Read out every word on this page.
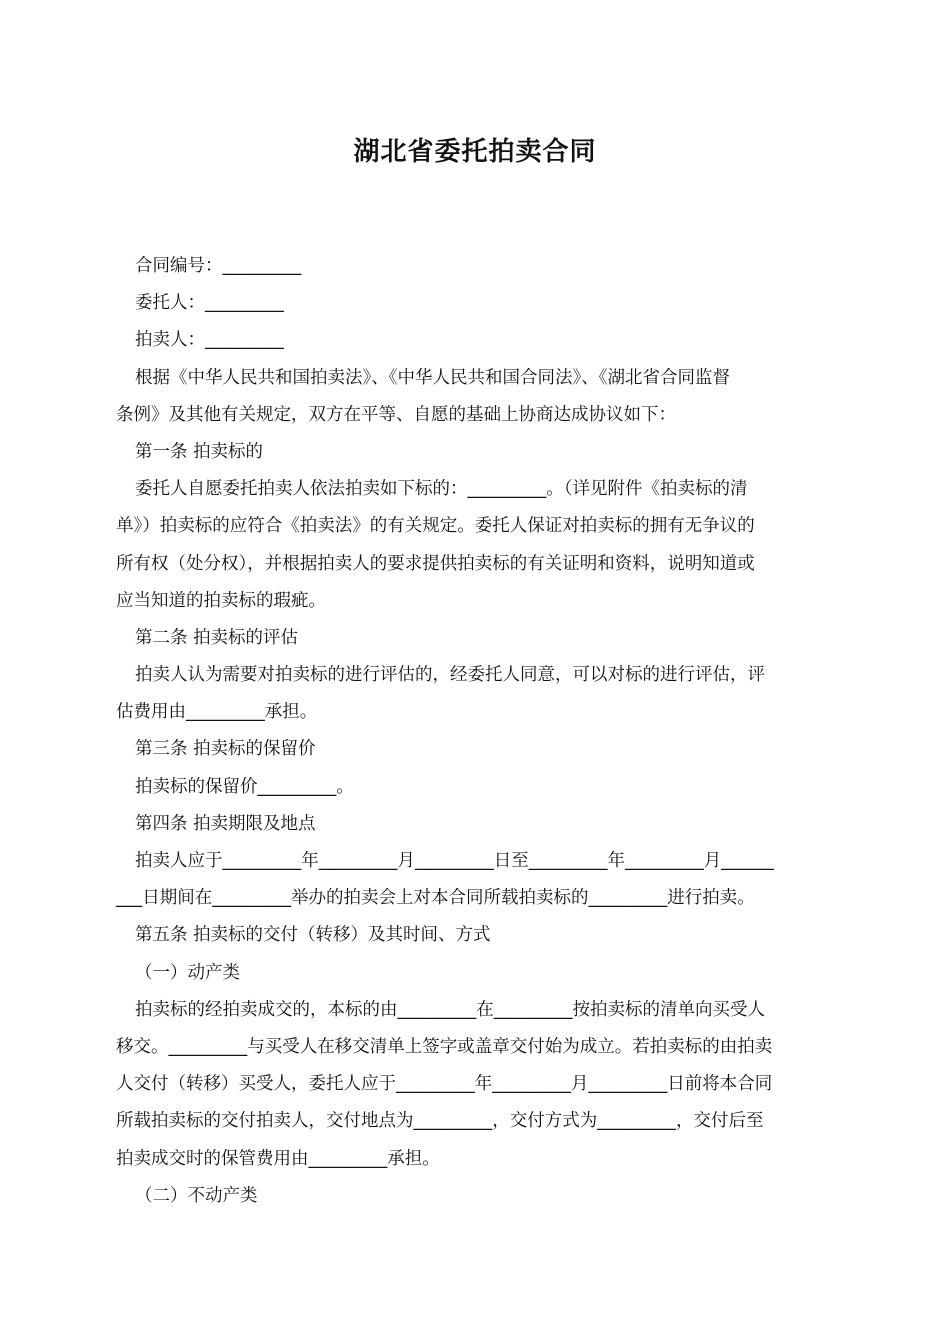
湖北省委托拍卖合同
合同编号：_________
委托人：_________
拍卖人：_________
根据《中华人民共和国拍卖法》、《中华人民共和国合同法》、《湖北省合同监督
条例》及其他有关规定，双方在平等、自愿的基础上协商达成协议如下：
第一条 拍卖标的
委托人自愿委托拍卖人依法拍卖如下标的：_________。（详见附件《拍卖标的清
单》）拍卖标的应符合《拍卖法》的有关规定。委托人保证对拍卖标的拥有无争议的
所有权（处分权），并根据拍卖人的要求提供拍卖标的有关证明和资料，说明知道或
应当知道的拍卖标的瑕疵。
第二条 拍卖标的评估
拍卖人认为需要对拍卖标的进行评估的，经委托人同意，可以对标的进行评估，评
估费用由_________承担。
第三条 拍卖标的保留价
拍卖标的保留价_________。
第四条 拍卖期限及地点
拍卖人应于_________年_________月_________日至_________年_________月______
___日期间在_________举办的拍卖会上对本合同所载拍卖标的_________进行拍卖。
第五条 拍卖标的交付（转移）及其时间、方式
（一）动产类
拍卖标的经拍卖成交的，本标的由_________在_________按拍卖标的清单向买受人
移交。_________与买受人在移交清单上签字或盖章交付始为成立。若拍卖标的由拍卖
人交付（转移）买受人，委托人应于_________年_________月_________日前将本合同
所载拍卖标的交付拍卖人，交付地点为_________，交付方式为_________，交付后至
拍卖成交时的保管费用由_________承担。
（二）不动产类
